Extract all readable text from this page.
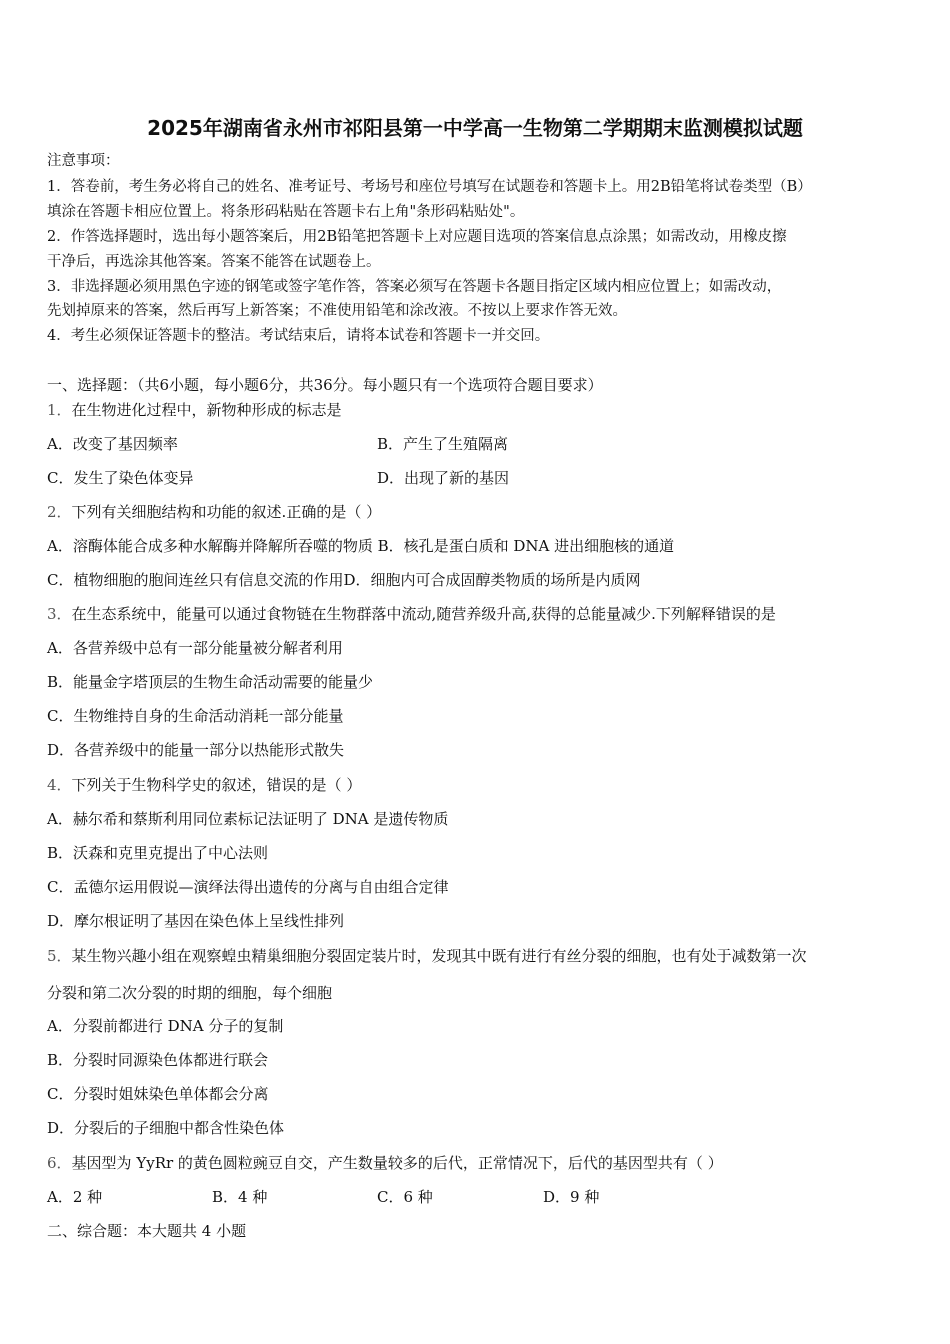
2025年湖南省永州市祁阳县第一中学高一生物第二学期期末监测模拟试题
注意事项：
1．答卷前，考生务必将自己的姓名、准考证号、考场号和座位号填写在试题卷和答题卡上。用2B铅笔将试卷类型（B）
填涂在答题卡相应位置上。将条形码粘贴在答题卡右上角"条形码粘贴处"。
2．作答选择题时，选出每小题答案后，用2B铅笔把答题卡上对应题目选项的答案信息点涂黑；如需改动，用橡皮擦
干净后，再选涂其他答案。答案不能答在试题卷上。
3．非选择题必须用黑色字迹的钢笔或签字笔作答，答案必须写在答题卡各题目指定区域内相应位置上；如需改动，
先划掉原来的答案，然后再写上新答案；不准使用铅笔和涂改液。不按以上要求作答无效。
4．考生必须保证答题卡的整洁。考试结束后，请将本试卷和答题卡一并交回。
一、选择题：（共6小题，每小题6分，共36分。每小题只有一个选项符合题目要求）
1．在生物进化过程中，新物种形成的标志是
A．改变了基因频率	B．产生了生殖隔离
C．发生了染色体变异	D．出现了新的基因
2．下列有关细胞结构和功能的叙述.正确的是（ ）
A．溶酶体能合成多种水解酶并降解所吞噬的物质 B．核孔是蛋白质和 DNA 进出细胞核的通道
C．植物细胞的胞间连丝只有信息交流的作用D．细胞内可合成固醇类物质的场所是内质网
3．在生态系统中，能量可以通过食物链在生物群落中流动,随营养级升高,获得的总能量减少.下列解释错误的是
A．各营养级中总有一部分能量被分解者利用
B．能量金字塔顶层的生物生命活动需要的能量少
C．生物维持自身的生命活动消耗一部分能量
D．各营养级中的能量一部分以热能形式散失
4．下列关于生物科学史的叙述，错误的是（ ）
A．赫尔希和蔡斯利用同位素标记法证明了 DNA 是遗传物质
B．沃森和克里克提出了中心法则
C．孟德尔运用假说—演绎法得出遗传的分离与自由组合定律
D．摩尔根证明了基因在染色体上呈线性排列
5．某生物兴趣小组在观察蝗虫精巢细胞分裂固定装片时，发现其中既有进行有丝分裂的细胞，也有处于减数第一次
分裂和第二次分裂的时期的细胞，每个细胞
A．分裂前都进行 DNA 分子的复制
B．分裂时同源染色体都进行联会
C．分裂时姐妹染色单体都会分离
D．分裂后的子细胞中都含性染色体
6．基因型为 YyRr 的黄色圆粒豌豆自交，产生数量较多的后代，正常情况下，后代的基因型共有（ ）
A．2 种	B．4 种	C．6 种	D．9 种
二、综合题：本大题共 4 小题
